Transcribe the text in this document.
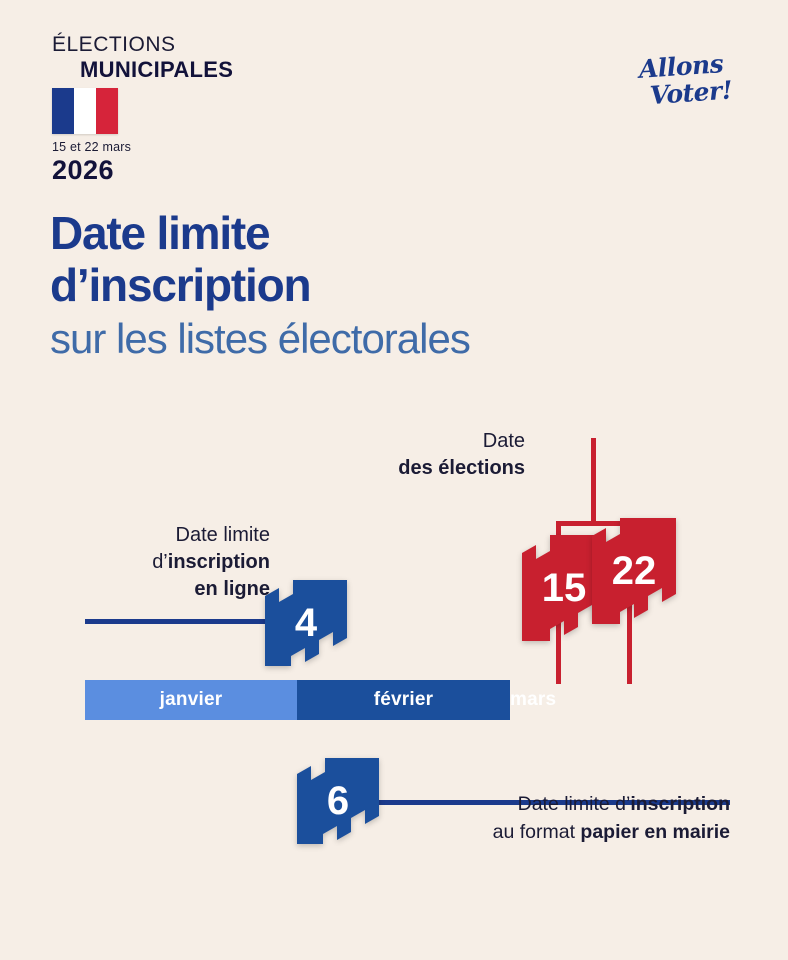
ÉLECTIONS
MUNICIPALES
15 et 22 mars
2026
Allons
Voter!
Date limite
d’inscription
sur les listes électorales
Date
des élections
Date limite
d’inscription
en ligne
janvier	février	mars
Date limite d’inscription
au format papier en mairie
4
6
15 22
